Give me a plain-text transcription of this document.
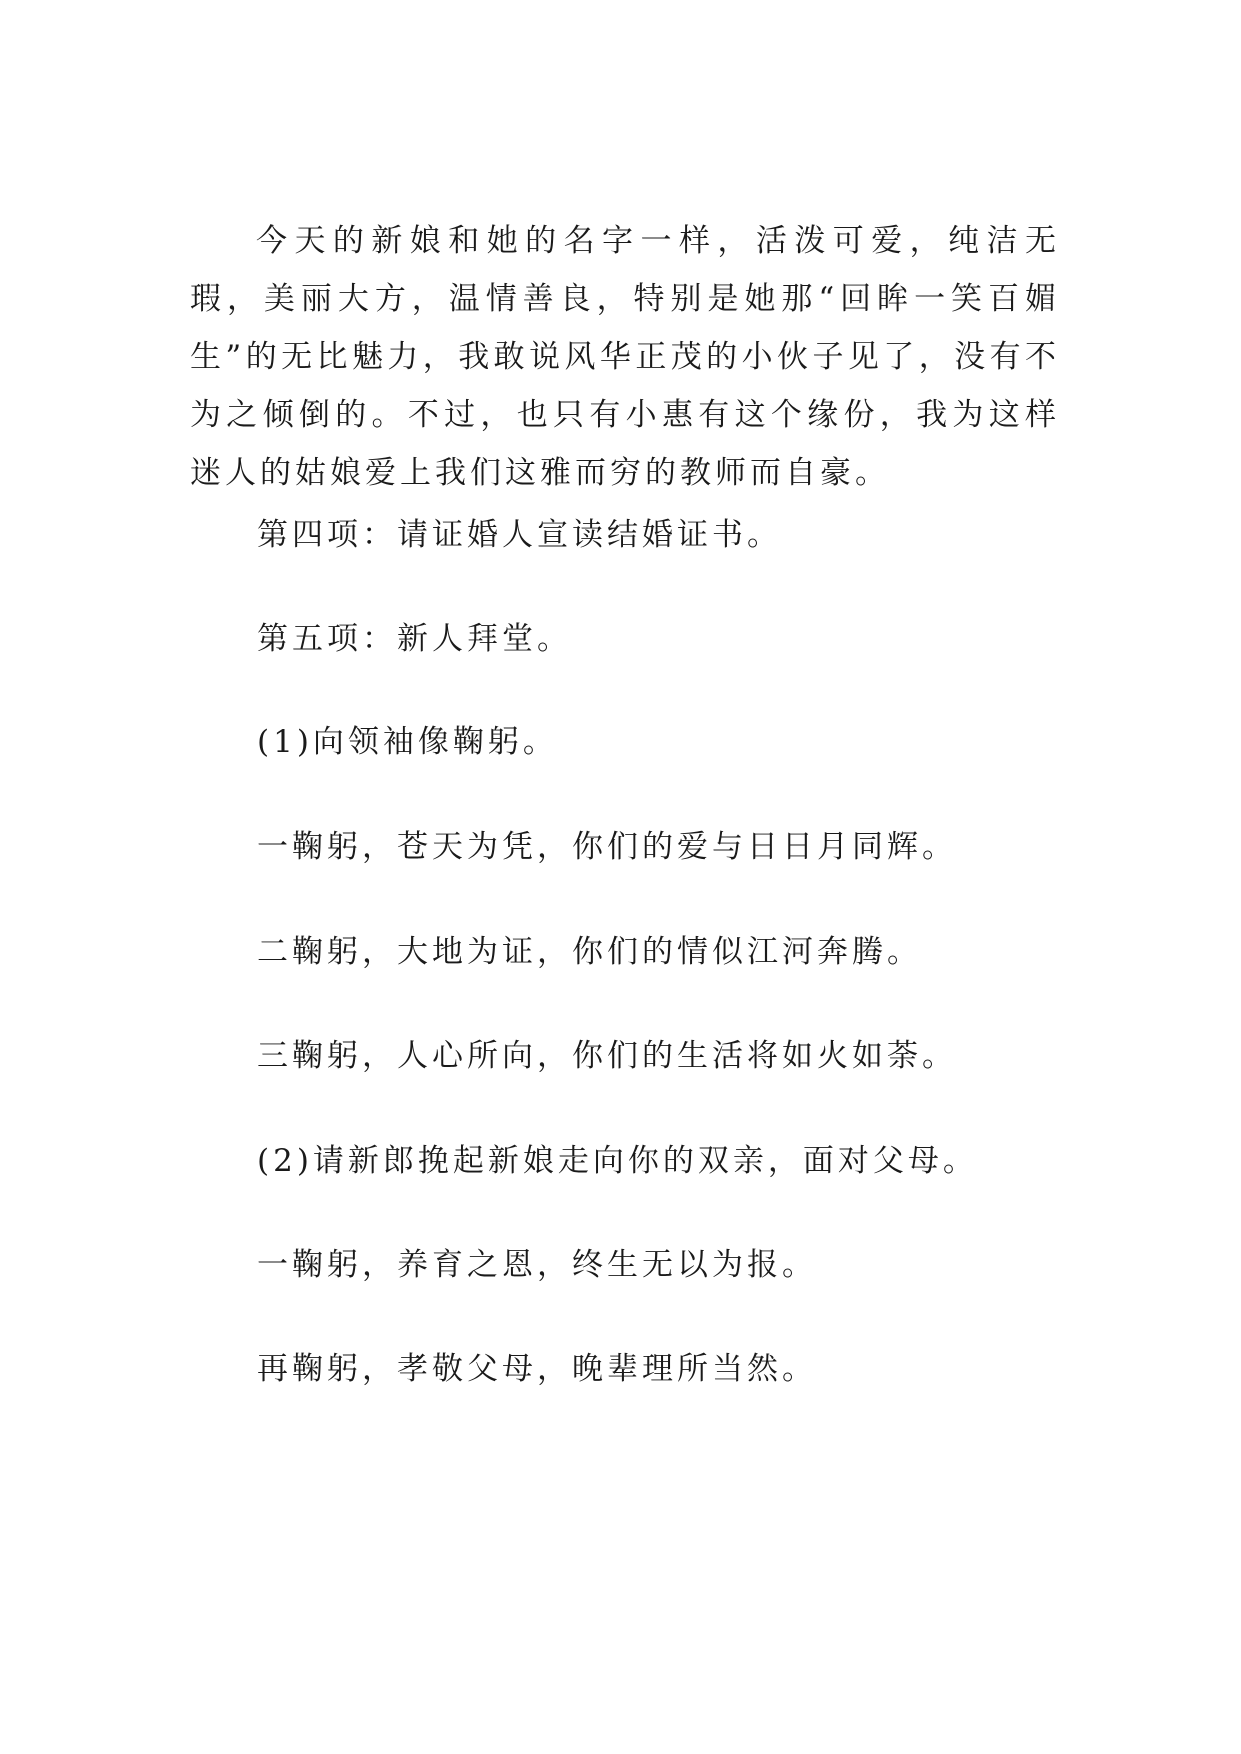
今天的新娘和她的名字一样，活泼可爱，纯洁无瑕，美丽大方，温情善良，特别是她那“回眸一笑百媚生”的无比魅力，我敢说风华正茂的小伙子见了，没有不为之倾倒的。不过，也只有小惠有这个缘份，我为这样迷人的姑娘爱上我们这雅而穷的教师而自豪。

第四项：请证婚人宣读结婚证书。

第五项：新人拜堂。

(1)向领袖像鞠躬。

一鞠躬，苍天为凭，你们的爱与日日月同辉。

二鞠躬，大地为证，你们的情似江河奔腾。

三鞠躬，人心所向，你们的生活将如火如荼。

(2)请新郎挽起新娘走向你的双亲，面对父母。

一鞠躬，养育之恩，终生无以为报。

再鞠躬，孝敬父母，晚辈理所当然。
